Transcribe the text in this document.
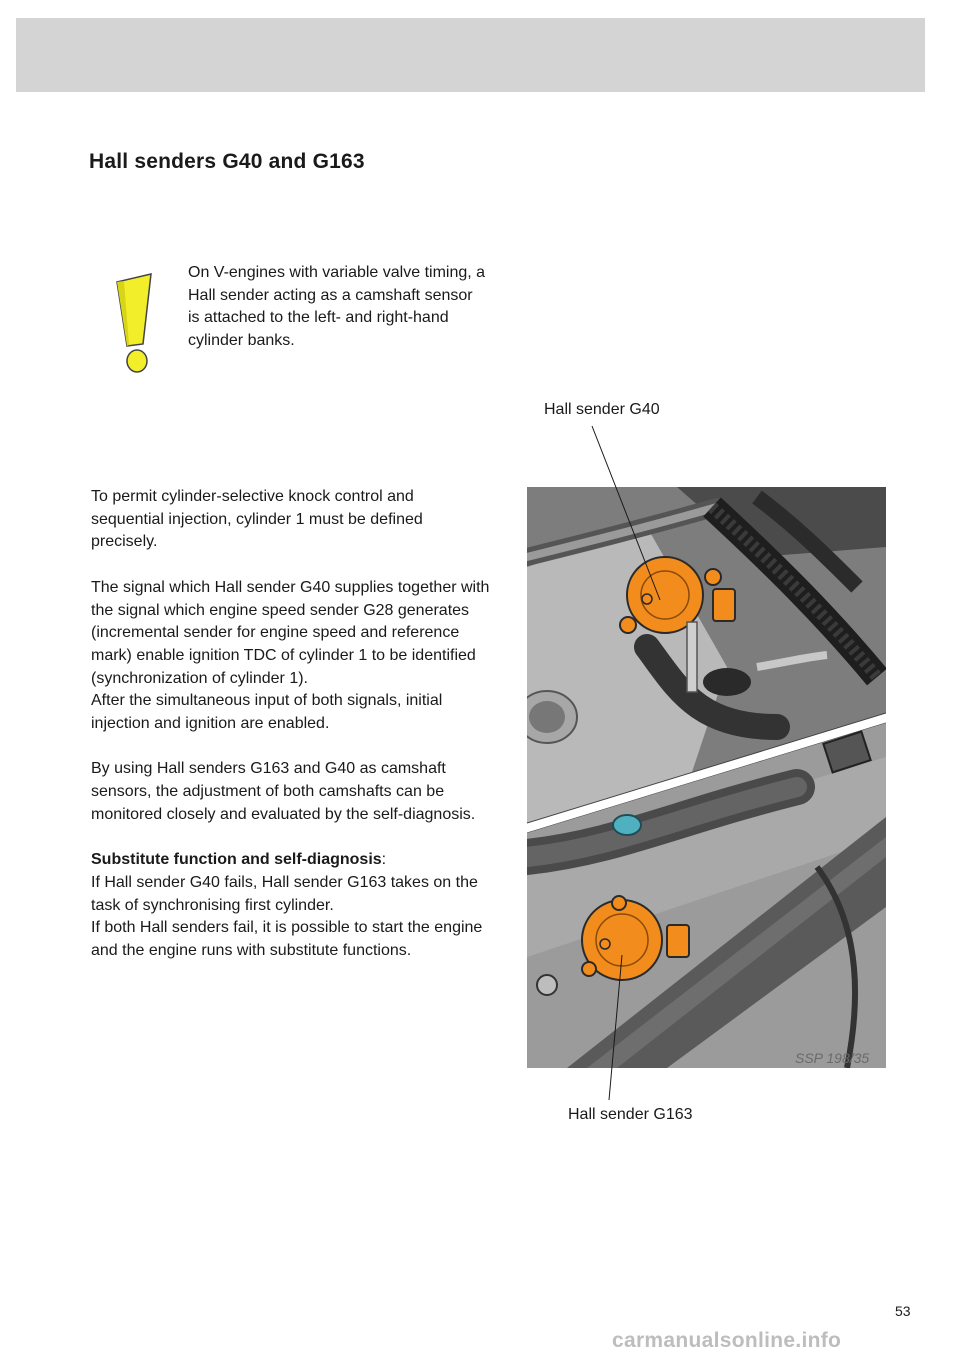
Hall senders G40 and G163

On V-engines with variable valve timing, a Hall sender acting as a camshaft sensor is attached to the left- and right-hand cylinder banks.

To permit cylinder-selective knock control and sequential injection, cylinder 1 must be defined precisely.

The signal which Hall sender G40 supplies together with the signal which engine speed sender G28 generates (incremental sender for engine speed and reference mark) enable ignition TDC of cylinder 1 to be identified (synchronization of cylinder 1).
After the simultaneous input of both signals, initial injection and ignition are enabled.

By using Hall senders G163 and G40 as camshaft sensors, the adjustment of both camshafts can be monitored closely and evaluated by the self-diagnosis.

Substitute function and self-diagnosis:
If Hall sender G40 fails, Hall sender G163 takes on the task of synchronising first cylinder.
If both Hall senders fail, it is possible to start the engine and the engine runs with substitute functions.

Hall sender G40
SSP 198/35
Hall sender G163
53
carmanualsonline.info
